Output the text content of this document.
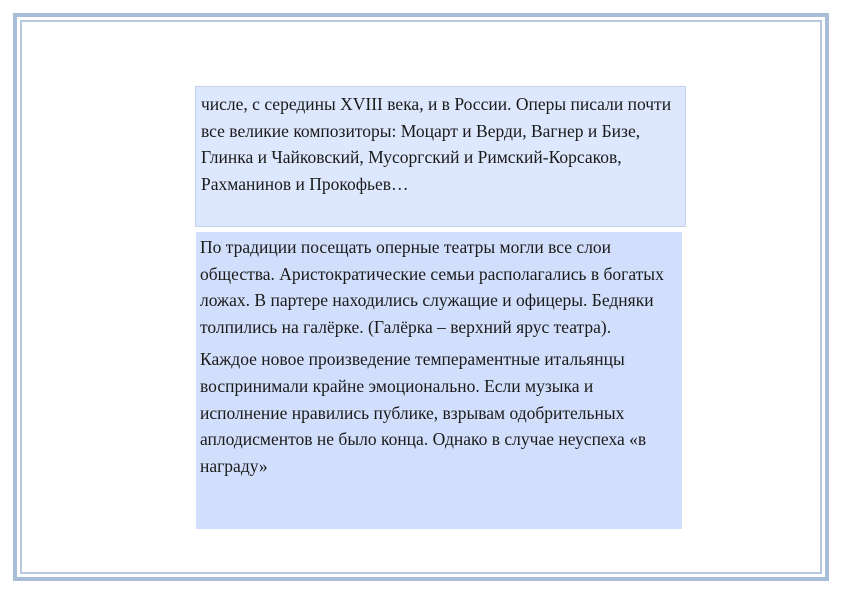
числе, с середины XVIII века, и в России. Оперы писали почти все великие композиторы: Моцарт и Верди, Вагнер и Бизе, Глинка и Чайковский, Мусоргский и Римский-Корсаков, Рахманинов и Прокофьев…

По традиции посещать оперные театры могли все слои общества. Аристократические семьи располагались в богатых ложах. В партере находились служащие и офицеры. Бедняки толпились на галёрке. (Галёрка – верхний ярус театра).

Каждое новое произведение темпераментные итальянцы воспринимали крайне эмоционально. Если музыка и исполнение нравились публике, взрывам одобрительных аплодисментов не было конца. Однако в случае неуспеха «в награду»
